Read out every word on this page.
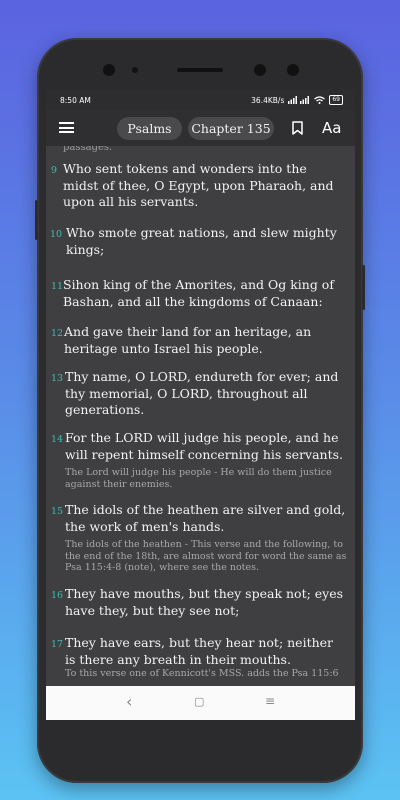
8:50 AM	36.4KB/s	69
Psalms	Chapter 135	Aa
passages.
9 Who sent tokens and wonders into the midst of thee, O Egypt, upon Pharaoh, and upon all his servants.
10 Who smote great nations, and slew mighty kings;
11 Sihon king of the Amorites, and Og king of Bashan, and all the kingdoms of Canaan:
12 And gave their land for an heritage, an heritage unto Israel his people.
13 Thy name, O LORD, endureth for ever; and thy memorial, O LORD, throughout all generations.
14 For the LORD will judge his people, and he will repent himself concerning his servants.
The Lord will judge his people - He will do them justice against their enemies.
15 The idols of the heathen are silver and gold, the work of men's hands.
The idols of the heathen - This verse and the following, to the end of the 18th, are almost word for word the same as Psa 115:4-8 (note), where see the notes.
16 They have mouths, but they speak not; eyes have they, but they see not;
17 They have ears, but they hear not; neither is there any breath in their mouths.
To this verse one of Kennicott's MSS. adds the Psa 115:6
‹	▢	≡
